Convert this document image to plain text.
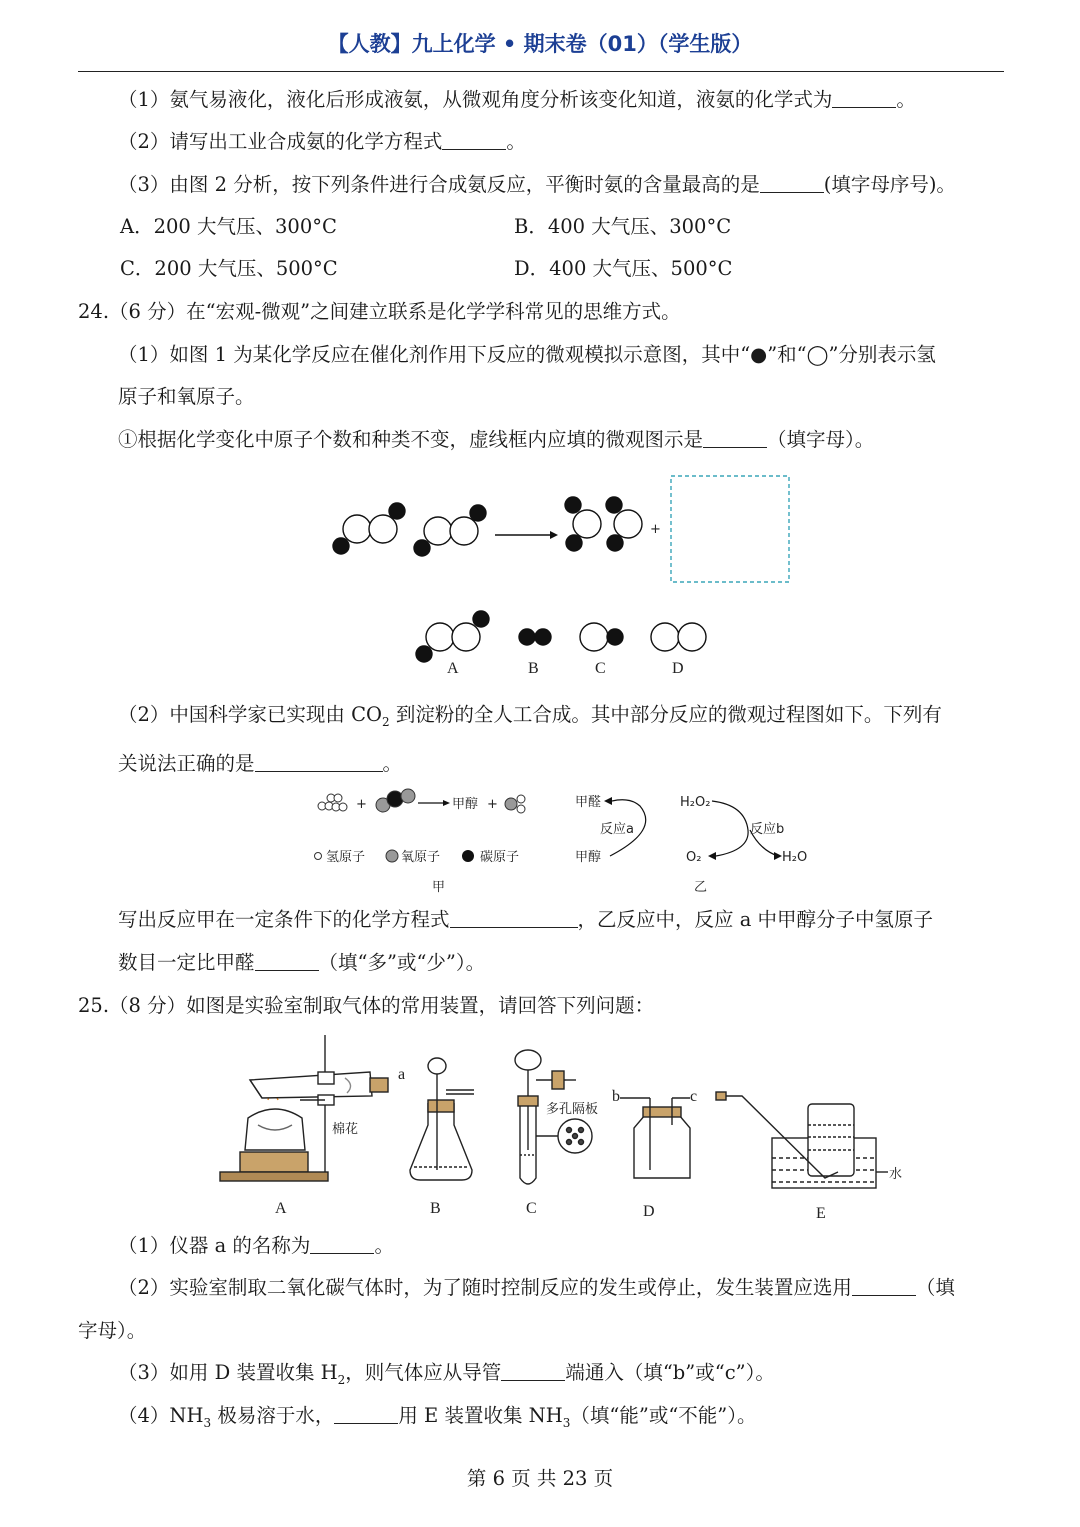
【人教】九上化学 • 期末卷（01）（学生版）
（1）氨气易液化，液化后形成液氨，从微观角度分析该变化知道，液氨的化学式为	。
（2）请写出工业合成氨的化学方程式	。
（3）由图 2 分析，按下列条件进行合成氨反应，平衡时氨的含量最高的是	(填字母序号)。
A．200 大气压、300°C	B．400 大气压、300°C
C．200 大气压、500°C	D．400 大气压、500°C
24.（6 分）在“宏观-微观”之间建立联系是化学学科常见的思维方式。
（1）如图 1 为某化学反应在催化剂作用下反应的微观模拟示意图，其中“●”和“◯”分别表示氢
原子和氧原子。
①根据化学变化中原子个数和种类不变，虚线框内应填的微观图示是	（填字母）。
+
A	B	C	D
（2）中国科学家已实现由 $CO_2$ 到淀粉的全人工合成。其中部分反应的微观过程图如下。下列有
关说法正确的是	。
+	甲醇 +
氢原子	氧原子	碳原子
甲
甲醛	H₂O₂
反应a	反应b
甲醇	O₂	H₂O
乙
写出反应甲在一定条件下的化学方程式	，乙反应中，反应 a 中甲醇分子中氢原子
数目一定比甲醛	（填“多”或“少”）。
25.（8 分）如图是实验室制取气体的常用装置，请回答下列问题：
棉花
A
a
B
多孔隔板
C
b	c
D
水
E
（1）仪器 a 的名称为	。
（2）实验室制取二氧化碳气体时，为了随时控制反应的发生或停止，发生装置应选用	（填
字母）。
（3）如用 D 装置收集 $H_2$，则气体应从导管	端通入（填“b”或“c”）。
$(4)NH_3$ 极易溶于水，	用 E 装置收集 $NH_3$（填“能”或“不能”）。
第 6 页 共 23 页
